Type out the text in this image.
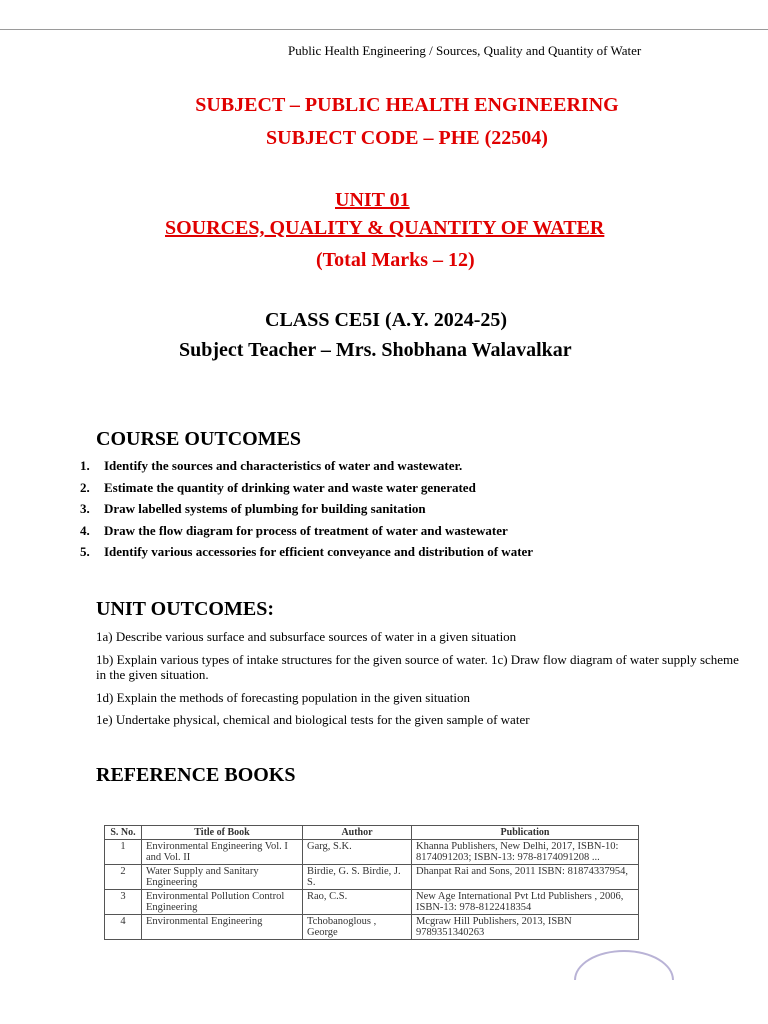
Public Health Engineering / Sources, Quality and Quantity of Water
SUBJECT – PUBLIC HEALTH ENGINEERING
SUBJECT CODE – PHE (22504)
UNIT 01
SOURCES, QUALITY & QUANTITY OF WATER
(Total Marks – 12)
CLASS CE5I (A.Y. 2024-25)
Subject Teacher – Mrs. Shobhana Walavalkar
COURSE OUTCOMES
1. Identify the sources and characteristics of water and wastewater.
2. Estimate the quantity of drinking water and waste water generated
3. Draw labelled systems of plumbing for building sanitation
4. Draw the flow diagram for process of treatment of water and wastewater
5. Identify various accessories for efficient conveyance and distribution of water
UNIT OUTCOMES:
1a) Describe various surface and subsurface sources of water in a given situation
1b) Explain various types of intake structures for the given source of water. 1c) Draw flow diagram of water supply scheme in the given situation.
1d) Explain the methods of forecasting population in the given situation
1e) Undertake physical, chemical and biological tests for the given sample of water
REFERENCE BOOKS
S. No.	Title of Book	Author	Publication
1	Environmental Engineering Vol. I and Vol. II	Garg, S.K.	Khanna Publishers, New Delhi, 2017, ISBN-10: 8174091203; ISBN-13: 978-8174091208 ...
2	Water Supply and Sanitary Engineering	Birdie, G. S. Birdie, J. S.	Dhanpat Rai and Sons, 2011 ISBN: 81874337954,
3	Environmental Pollution Control Engineering	Rao, C.S.	New Age International Pvt Ltd Publishers , 2006, ISBN-13: 978-8122418354
4	Environmental Engineering	Tchobanoglous , George	Mcgraw Hill Publishers, 2013, ISBN 9789351340263
